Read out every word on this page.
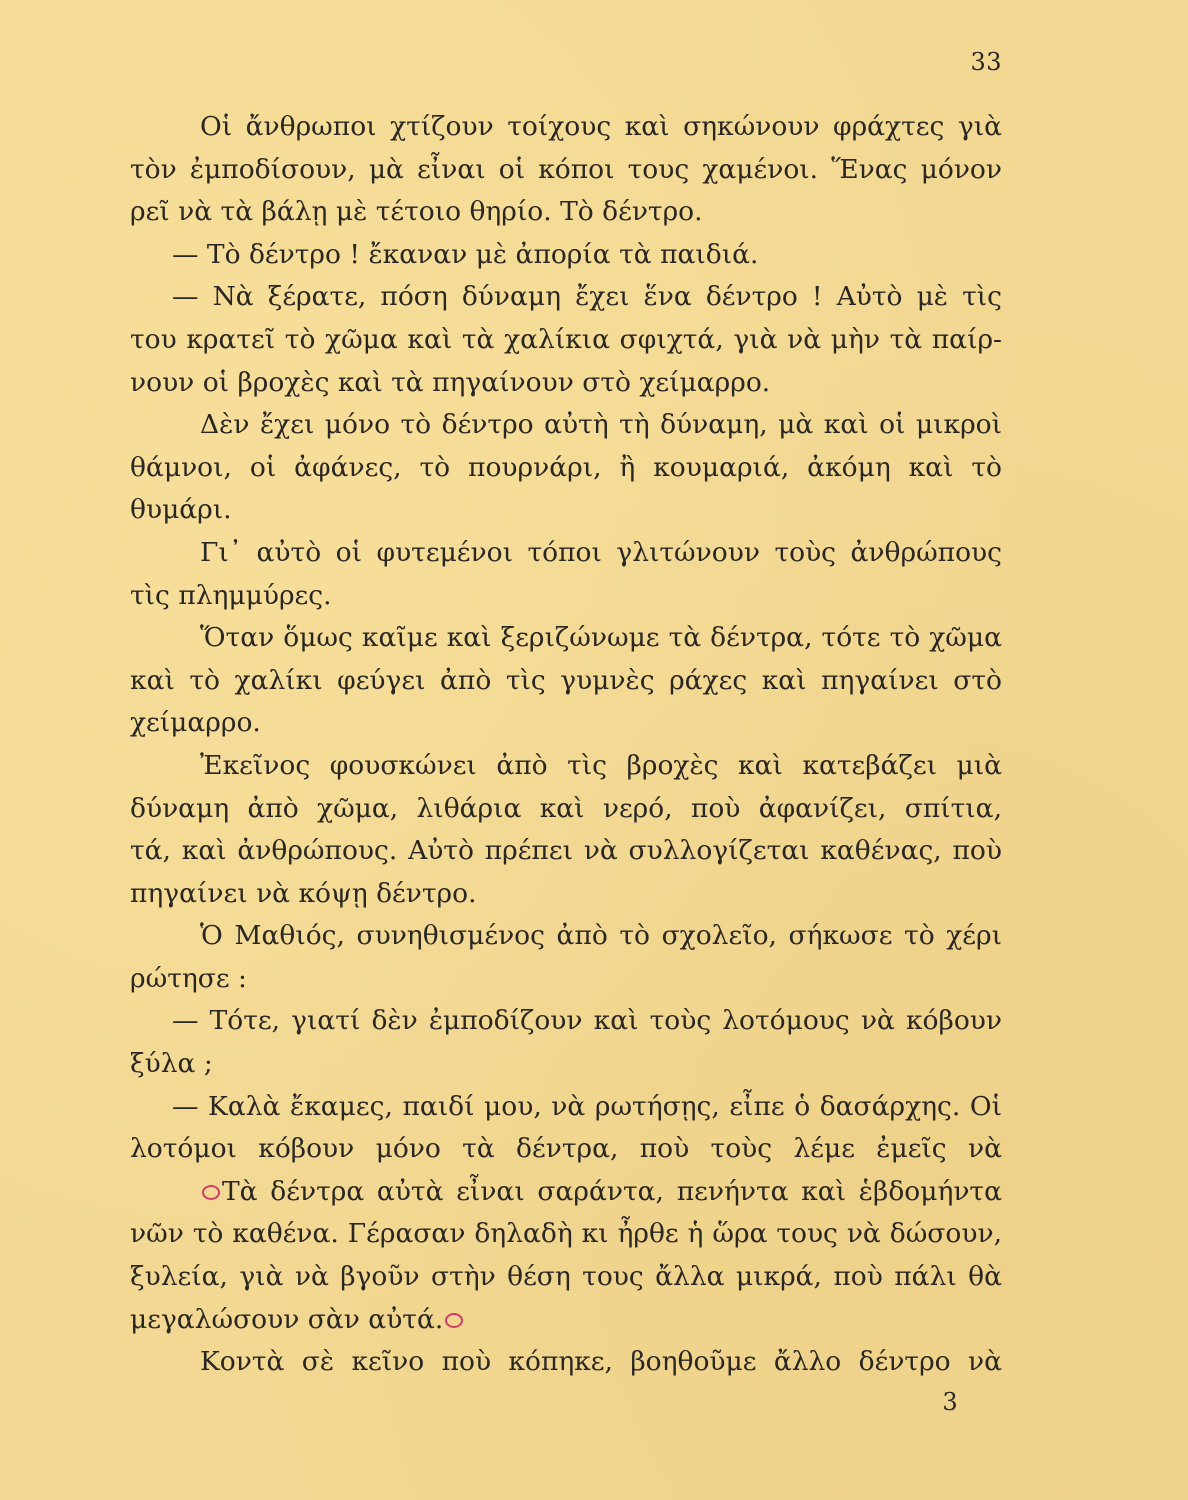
33
Οἱ ἄνθρωποι χτίζουν τοίχους καὶ σηκώνουν φράχτες γιὰ
τὸν ἐμποδίσουν, μὰ εἶναι οἱ κόποι τους χαμένοι. Ἕνας μόνον
ρεῖ νὰ τὰ βάλῃ μὲ τέτοιο θηρίο. Τὸ δέντρο.
— Τὸ δέντρο ! ἔκαναν μὲ ἀπορία τὰ παιδιά.
— Νὰ ξέρατε, πόση δύναμη ἔχει ἕνα δέντρο ! Αὐτὸ μὲ τὶς
του κρατεῖ τὸ χῶμα καὶ τὰ χαλίκια σφιχτά, γιὰ νὰ μὴν τὰ παίρ-
νουν οἱ βροχὲς καὶ τὰ πηγαίνουν στὸ χείμαρρο.
Δὲν ἔχει μόνο τὸ δέντρο αὐτὴ τὴ δύναμη, μὰ καὶ οἱ μικροὶ
θάμνοι, οἱ ἀφάνες, τὸ πουρνάρι, ἢ κουμαριά, ἀκόμη καὶ τὸ
θυμάρι.
Γι᾽ αὐτὸ οἱ φυτεμένοι τόποι γλιτώνουν τοὺς ἀνθρώπους
τὶς πλημμύρες.
Ὅταν ὅμως καῖμε καὶ ξεριζώνωμε τὰ δέντρα, τότε τὸ χῶμα
καὶ τὸ χαλίκι φεύγει ἀπὸ τὶς γυμνὲς ράχες καὶ πηγαίνει στὸ
χείμαρρο.
Ἐκεῖνος φουσκώνει ἀπὸ τὶς βροχὲς καὶ κατεβάζει μιὰ
δύναμη ἀπὸ χῶμα, λιθάρια καὶ νερό, ποὺ ἀφανίζει, σπίτια,
τά, καὶ ἀνθρώπους. Αὐτὸ πρέπει νὰ συλλογίζεται καθένας, ποὺ
πηγαίνει νὰ κόψῃ δέντρο.
Ὁ Μαθιός, συνηθισμένος ἀπὸ τὸ σχολεῖο, σήκωσε τὸ χέρι
ρώτησε :
— Τότε, γιατί δὲν ἐμποδίζουν καὶ τοὺς λοτόμους νὰ κόβουν
ξύλα ;
— Καλὰ ἔκαμες, παιδί μου, νὰ ρωτήσῃς, εἶπε ὁ δασάρχης. Οἱ
λοτόμοι κόβουν μόνο τὰ δέντρα, ποὺ τοὺς λέμε ἐμεῖς νὰ
Τὰ δέντρα αὐτὰ εἶναι σαράντα, πενήντα καὶ ἑβδομήντα
νῶν τὸ καθένα. Γέρασαν δηλαδὴ κι ἦρθε ἡ ὥρα τους νὰ δώσουν,
ξυλεία, γιὰ νὰ βγοῦν στὴν θέση τους ἄλλα μικρά, ποὺ πάλι θὰ
μεγαλώσουν σὰν αὐτά.
Κοντὰ σὲ κεῖνο ποὺ κόπηκε, βοηθοῦμε ἄλλο δέντρο νὰ
3
